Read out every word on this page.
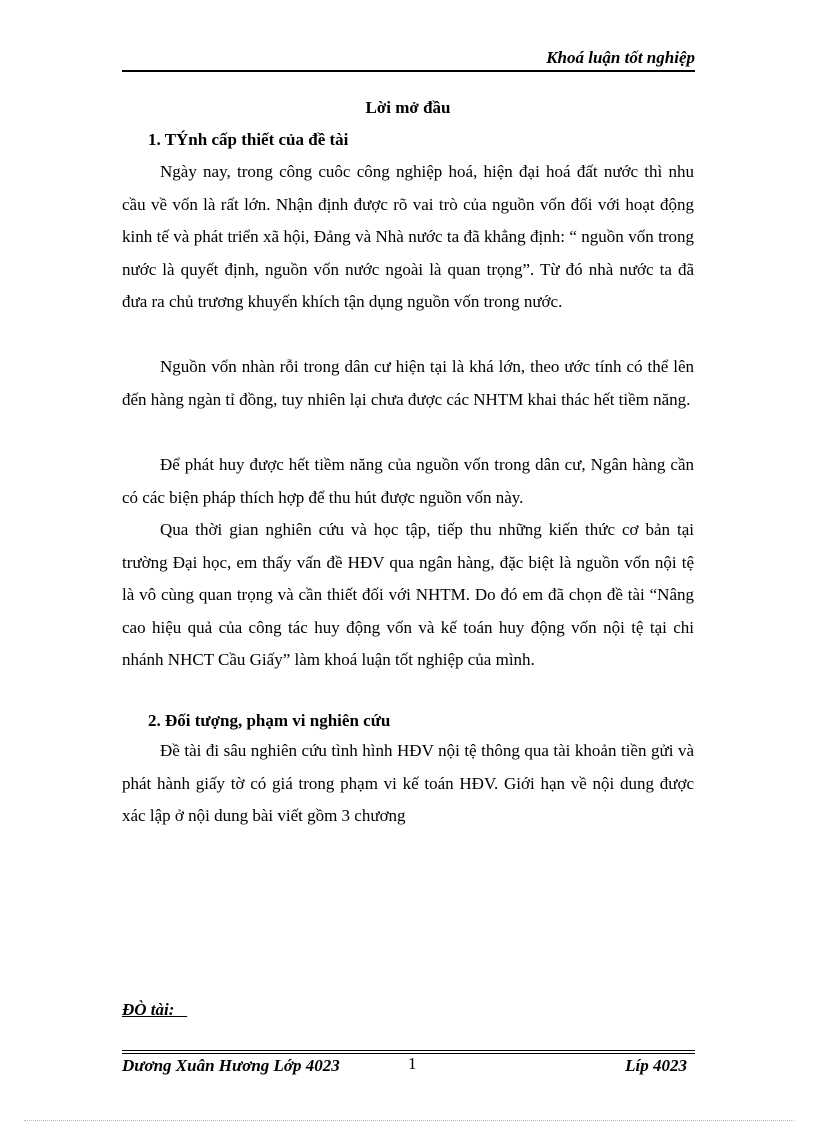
Khoá luận tốt nghiệp
Lời mở đầu
1. TÝnh cấp thiết của đề tài

Ngày nay, trong công cuôc công nghiệp hoá, hiện đại hoá đất nước thì nhu cầu về vốn là rất lớn. Nhận định được rõ vai trò của nguồn vốn đối với hoạt động kinh tế và phát triển xã hội, Đảng và Nhà nước ta đã khẳng định: “ nguồn vốn trong nước là quyết định, nguồn vốn nước ngoài là quan trọng”. Từ đó nhà nước ta đã đưa ra chủ trương khuyến khích tận dụng nguồn vốn trong nước.

Nguồn vốn nhàn rỗi trong dân cư hiện tại là khá lớn, theo ước tính có thể lên đến hàng ngàn tỉ đồng, tuy nhiên lại chưa được các NHTM khai thác hết tiềm năng.

Để phát huy được hết tiềm năng của nguồn vốn trong dân cư, Ngân hàng cần có các biện pháp thích hợp để thu hút được nguồn vốn này.

Qua thời gian nghiên cứu và học tập, tiếp thu những kiến thức cơ bản tại trường Đại học, em thấy vấn đề HĐV qua ngân hàng, đặc biệt là nguồn vốn nội tệ là vô cùng quan trọng và cần thiết đối với NHTM. Do đó em đã chọn đề tài “Nâng cao hiệu quả của công tác huy động vốn và kế toán huy động vốn nội tệ tại chi nhánh NHCT Cầu Giấy” làm khoá luận tốt nghiệp của mình.

2. Đối tượng, phạm vi nghiên cứu

Đề tài đi sâu nghiên cứu tình hình HĐV nội tệ thông qua tài khoản tiền gửi và phát hành giấy tờ có giá trong phạm vi kế toán HĐV. Giới hạn về nội dung được xác lập ở nội dung bài viết gồm 3 chương

ĐÒ tài:
Dương Xuân Hương Lớp 4023	1	Líp 4023
